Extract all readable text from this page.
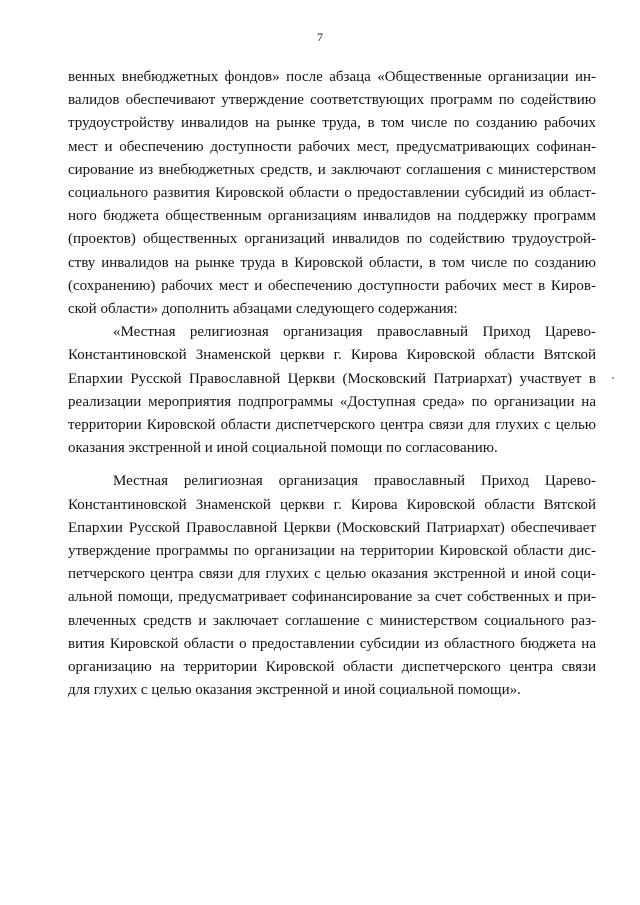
7
венных внебюджетных фондов» после абзаца «Общественные организации ин-
валидов обеспечивают утверждение соответствующих программ по содействию
трудоустройству инвалидов на рынке труда, в том числе по созданию рабочих
мест и обеспечению доступности рабочих мест, предусматривающих софинан-
сирование из внебюджетных средств, и заключают соглашения с министерством
социального развития Кировской области о предоставлении субсидий из област-
ного бюджета общественным организациям инвалидов на поддержку программ
(проектов) общественных организаций инвалидов по содействию трудоустрой-
ству инвалидов на рынке труда в Кировской области, в том числе по созданию
(сохранению) рабочих мест и обеспечению доступности рабочих мест в Киров-
ской области» дополнить абзацами следующего содержания:
«Местная религиозная организация православный Приход Царево-
Константиновской Знаменской церкви г. Кирова Кировской области Вятской
Епархии Русской Православной Церкви (Московский Патриархат) участвует в
реализации мероприятия подпрограммы «Доступная среда» по организации на
территории Кировской области диспетчерского центра связи для глухих с целью
оказания экстренной и иной социальной помощи по согласованию.
Местная религиозная организация православный Приход Царево-
Константиновской Знаменской церкви г. Кирова Кировской области Вятской
Епархии Русской Православной Церкви (Московский Патриархат) обеспечивает
утверждение программы по организации на территории Кировской области дис-
петчерского центра связи для глухих с целью оказания экстренной и иной соци-
альной помощи, предусматривает софинансирование за счет собственных и при-
влеченных средств и заключает соглашение с министерством социального раз-
вития Кировской области о предоставлении субсидии из областного бюджета на
организацию на территории Кировской области диспетчерского центра связи
для глухих с целью оказания экстренной и иной социальной помощи».
